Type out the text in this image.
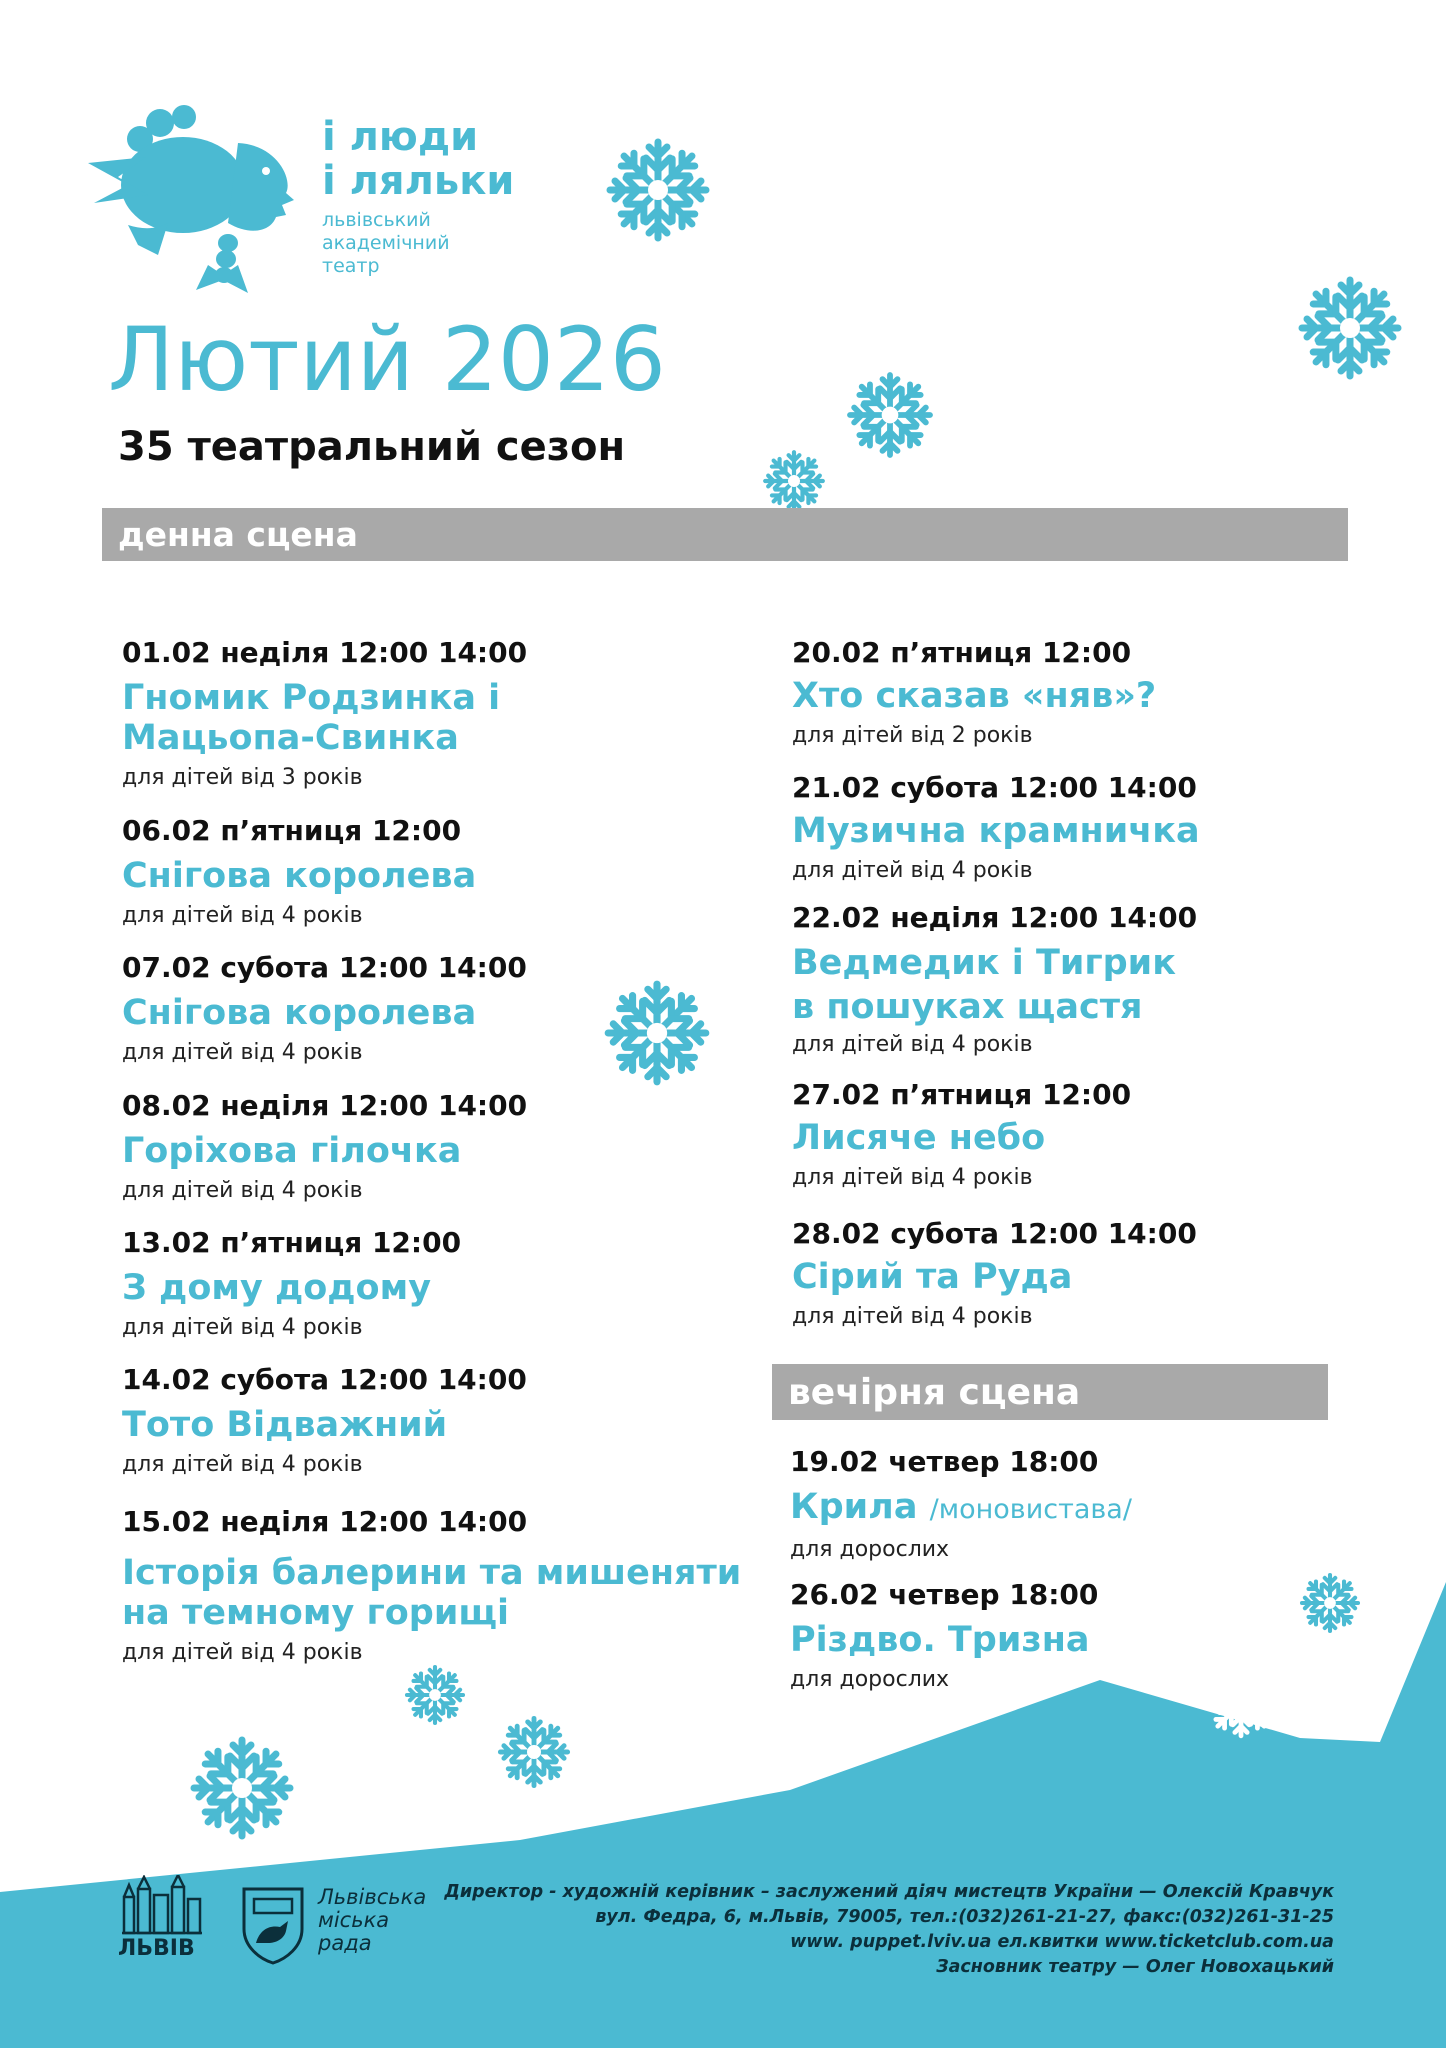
і люди
і ляльки
львівський
академічний
театр
Лютий 2026
35 театральний сезон
денна сцена
01.02 неділя 12:00 14:00
Гномик Родзинка і
Мацьопа-Свинка
для дітей від 3 років
06.02 п’ятниця 12:00
Снігова королева
для дітей від 4 років
07.02 субота 12:00 14:00
Снігова королева
для дітей від 4 років
08.02 неділя 12:00 14:00
Горіхова гілочка
для дітей від 4 років
13.02 п’ятниця 12:00
З дому додому
для дітей від 4 років
14.02 субота 12:00 14:00
Тото Відважний
для дітей від 4 років
15.02 неділя 12:00 14:00
Історія балерини та мишеняти
на темному горищі
для дітей від 4 років
20.02 п’ятниця 12:00
Хто сказав «няв»?
для дітей від 2 років
21.02 субота 12:00 14:00
Музична крамничка
для дітей від 4 років
22.02 неділя 12:00 14:00
Ведмедик і Тигрик
в пошуках щастя
для дітей від 4 років
27.02 п’ятниця 12:00
Лисяче небо
для дітей від 4 років
28.02 субота 12:00 14:00
Сірий та Руда
для дітей від 4 років
вечірня сцена
19.02 четвер 18:00
Крила /моновистава/
для дорослих
26.02 четвер 18:00
Різдво. Тризна
для дорослих
ЛЬВІВ
Львівська
міська
рада
Директор - художній керівник – заслужений діяч мистецтв України — Олексій Кравчук
вул. Федра, 6, м.Львів, 79005, тел.:(032)261-21-27, факс:(032)261-31-25
www. puppet.lviv.ua ел.квитки www.ticketclub.com.ua
Засновник театру — Олег Новохацький
